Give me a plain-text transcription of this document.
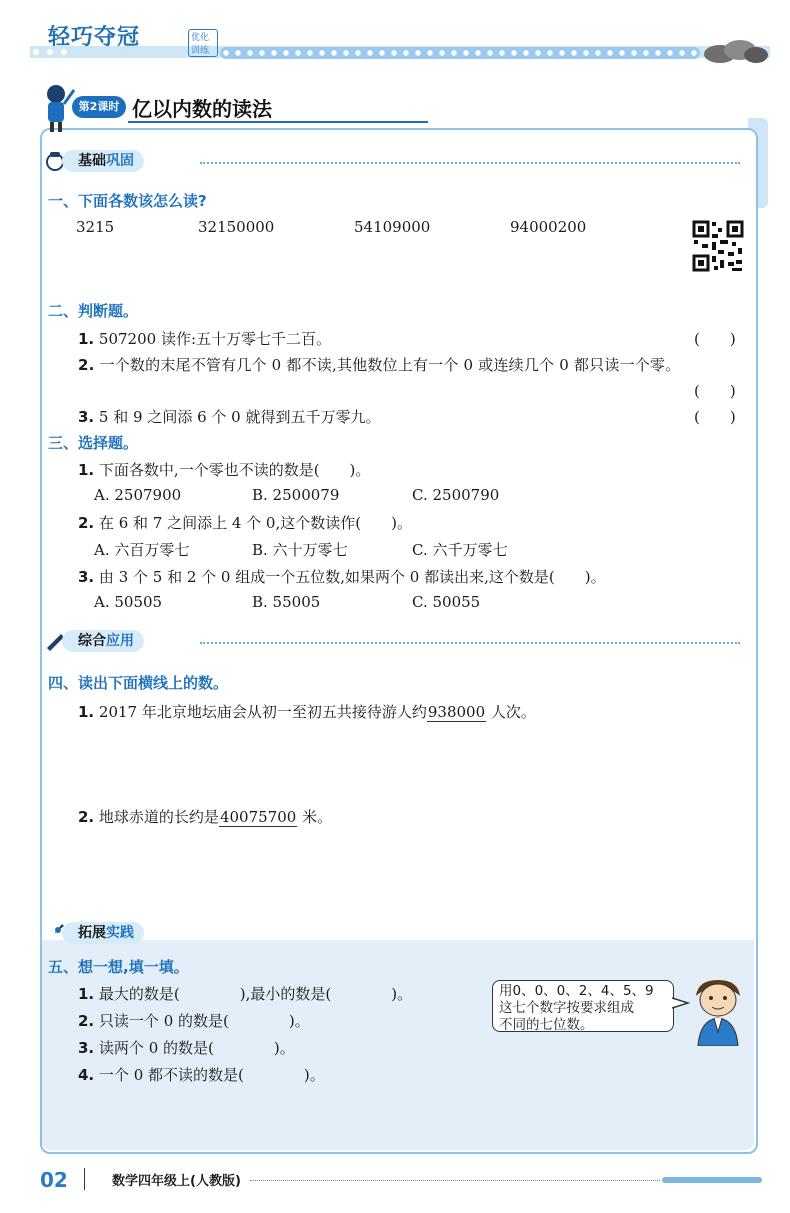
轻巧夺冠	优化训练
第2课时 亿以内数的读法
基础巩固
一、下面各数该怎么读?
3215	32150000	54109000	94000200
二、判断题。
1. 507200 读作:五十万零七千二百。	(　　)
2. 一个数的末尾不管有几个 0 都不读,其他数位上有一个 0 或连续几个 0 都只读一个零。
(　　)
3. 5 和 9 之间添 6 个 0 就得到五千万零九。	(　　)
三、选择题。
1. 下面各数中,一个零也不读的数是(　　)。
A. 2507900	B. 2500079	C. 2500790
2. 在 6 和 7 之间添上 4 个 0,这个数读作(　　)。
A. 六百万零七	B. 六十万零七	C. 六千万零七
3. 由 3 个 5 和 2 个 0 组成一个五位数,如果两个 0 都读出来,这个数是(　　)。
A. 50505	B. 55005	C. 50055
综合应用
四、读出下面横线上的数。
1. 2017 年北京地坛庙会从初一至初五共接待游人约938000 人次。
2. 地球赤道的长约是40075700 米。
拓展实践
五、想一想,填一填。
1. 最大的数是(　　　　),最小的数是(　　　　)。
2. 只读一个 0 的数是(　　　　)。
3. 读两个 0 的数是(　　　　)。
4. 一个 0 都不读的数是(　　　　)。
用0、0、0、2、4、5、9
这七个数字按要求组成
不同的七位数。
02	数学四年级上(人教版)
